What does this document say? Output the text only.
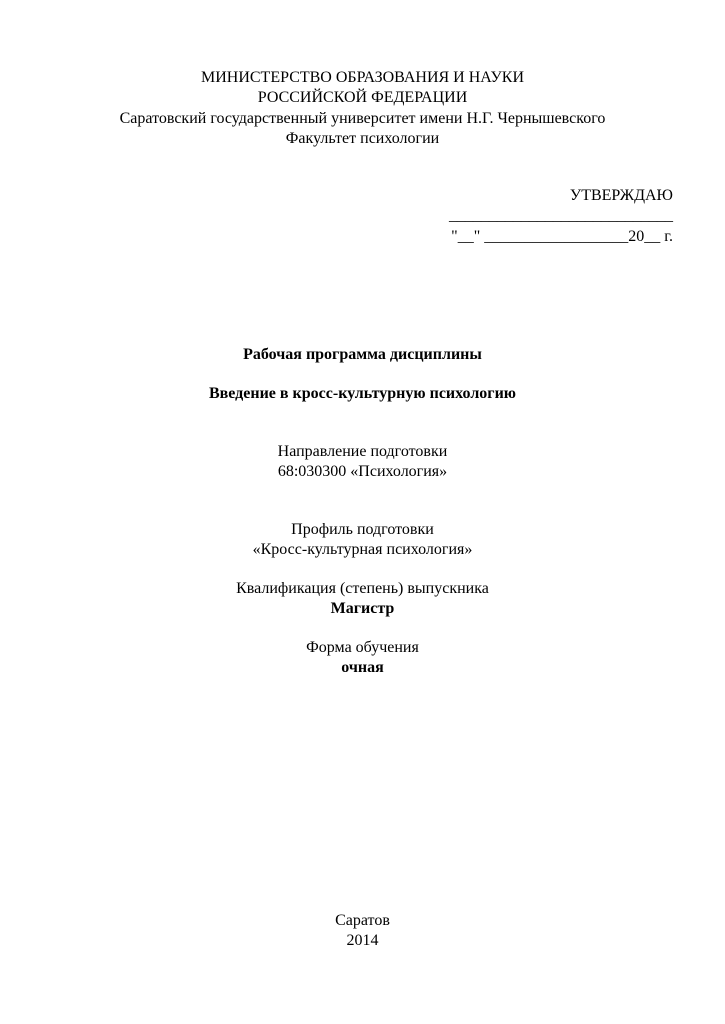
МИНИСТЕРСТВО ОБРАЗОВАНИЯ И НАУКИ
РОССИЙСКОЙ ФЕДЕРАЦИИ
Саратовский государственный университет имени Н.Г. Чернышевского
Факультет психологии
УТВЕРЖДАЮ
____________________________
"__" __________________20__ г.
Рабочая программа дисциплины
Введение в кросс-культурную психологию
Направление подготовки
68:030300 «Психология»
Профиль подготовки
«Кросс-культурная психология»
Квалификация (степень) выпускника
Магистр
Форма обучения
очная
Саратов
2014
